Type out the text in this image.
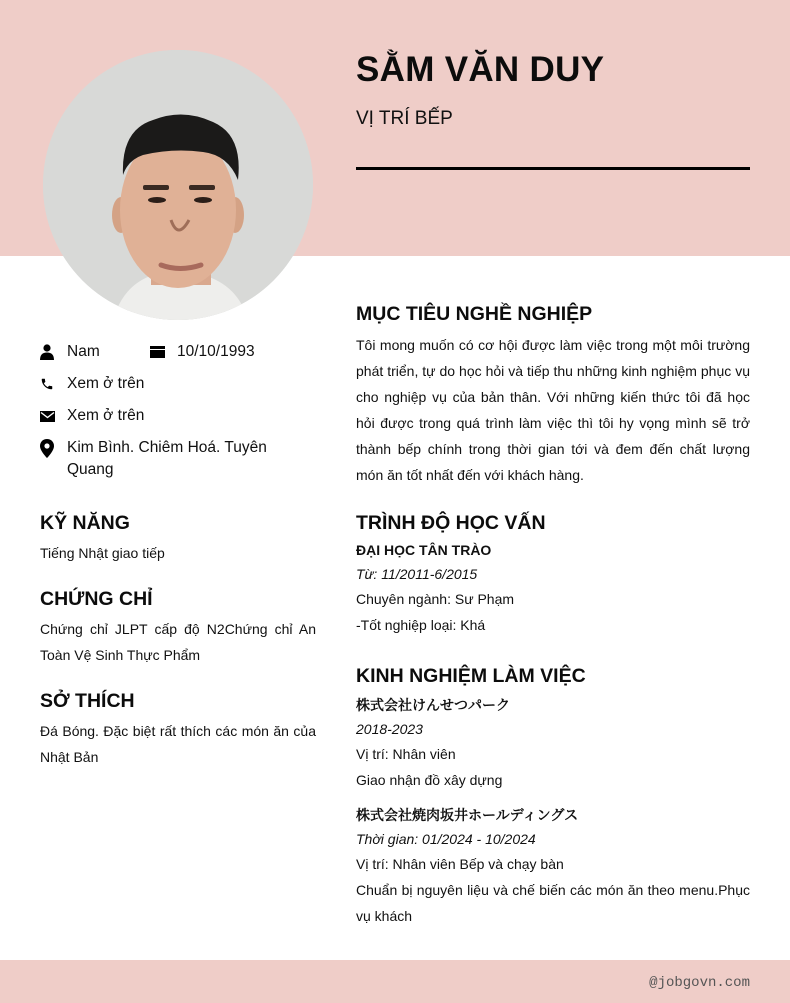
SẰM VĂN DUY
VỊ TRÍ BẾP
Nam	10/10/1993
Xem ở trên
Xem ở trên
Kim Bình. Chiêm Hoá. Tuyên Quang
KỸ NĂNG
Tiếng Nhật giao tiếp
CHỨNG CHỈ
Chứng chỉ JLPT cấp độ N2Chứng chỉ An Toàn Vệ Sinh Thực Phẩm
SỞ THÍCH
Đá Bóng. Đặc biệt rất thích các món ăn của Nhật Bản
MỤC TIÊU NGHỀ NGHIỆP
Tôi mong muốn có cơ hội được làm việc trong một môi trường phát triển, tự do học hỏi và tiếp thu những kinh nghiệm phục vụ cho nghiệp vụ của bản thân. Với những kiến thức tôi đã học hỏi được trong quá trình làm việc thì tôi hy vọng mình sẽ trở thành bếp chính trong thời gian tới và đem đến chất lượng món ăn tốt nhất đến với khách hàng.
TRÌNH ĐỘ HỌC VẤN
ĐẠI HỌC TÂN TRÀO
Từ: 11/2011-6/2015
Chuyên ngành: Sư Phạm
-Tốt nghiệp loại: Khá
KINH NGHIỆM LÀM VIỆC
株式会社けんせつパーク
2018-2023
Vị trí: Nhân viên
Giao nhận đồ xây dựng
株式会社焼肉坂井ホールディングス
Thời gian: 01/2024 - 10/2024
Vị trí: Nhân viên Bếp và chạy bàn
Chuẩn bị nguyên liệu và chế biến các món ăn theo menu.Phục vụ khách
@jobgovn.com
